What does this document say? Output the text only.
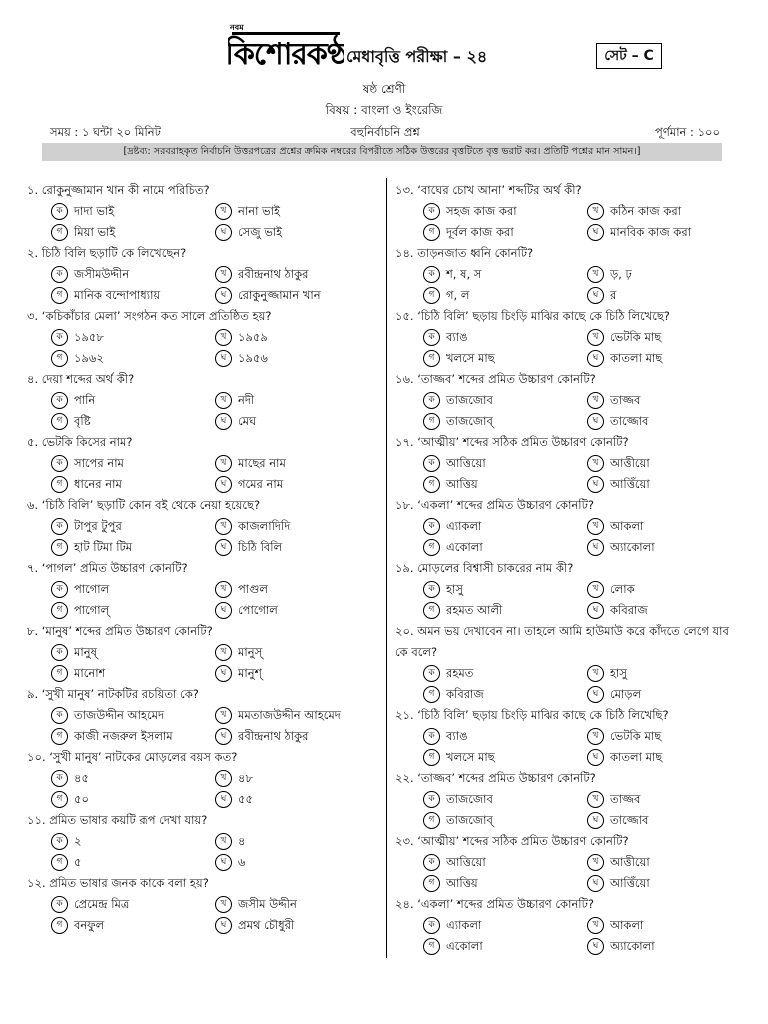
নবম
কিশোরকণ্ঠ মেধাবৃত্তি পরীক্ষা – ২৪	সেট – C
ষষ্ঠ শ্রেণী
বিষয় : বাংলা ও ইংরেজি
সময় : ১ ঘন্টা ২০ মিনিট	বহুনির্বাচনি প্রশ্ন	পূর্ণমান : ১০০
[দ্রষ্টব্য: সরবরাহকৃত নির্বাচনি উত্তরপত্রের প্রশ্নের ক্রমিক নম্বরের বিপরীতে সঠিক উত্তরের বৃত্তটিতে বৃত্ত ভরাট কর। প্রতিটি পশ্নের মান সামন।]
১. রোকুনুজ্জামান খান কী নামে পরিচিত?
ক দাদা ভাই	খ	নানা ভাই
গ	মিয়া ভাই	ঘ	সেজু ভাই
২. চিঠি বিলি ছড়াটি কে লিখেছেন?
ক জসীমউদ্দীন	খ	রবীন্দ্রনাথ ঠাকুর
গ	মানিক বন্দোপাধ্যায়	ঘ	রোকুনুজ্জামান খান
৩. ‘কচিকাঁচার মেলা’ সংগঠন কত সালে প্রতিষ্ঠিত হয়?
ক ১৯৫৮	খ	১৯৫৯
গ	১৯৬২	ঘ	১৯৫৬
৪. দেয়া শব্দের অর্থ কী?
ক পানি	খ	নদী
গ	বৃষ্টি	ঘ	মেঘ
৫. ভেটকি কিসের নাম?
ক সাপের নাম	খ	মাছের নাম
গ	ধানের নাম	ঘ	গমের নাম
৬. ‘চিঠি বিলি’ ছড়াটি কোন বই থেকে নেয়া হয়েছে?
ক টাপুর টুপুর	খ	কাজলাদিদি
গ	হাট টিমা টিম	ঘ	চিঠি বিলি
৭. ‘পাগল’ প্রমিত উচ্চারণ কোনটি?
ক পাগোল	খ	পাগুল
গ	পাগোল্	ঘ	পোগোল
৮. ‘মানুষ’ শব্দের প্রমিত উচ্চারণ কোনটি?
ক মানুষ্	খ	মানুস্
গ	মানোশ	ঘ	মানুশ্
৯. ‘সুখী মানুষ’ নাটকটির রচয়িতা কে?
ক তাজউদ্দীন আহমেদ	খ	মমতাজউদ্দীন আহমেদ
গ	কাজী নজরুল ইসলাম	ঘ	রবীন্দ্রনাথ ঠাকুর
১০. ‘সুখী মানুষ’ নাটকের মোড়লের বয়স কত?
ক ৪৫	খ	৪৮
গ	৫০	ঘ	৫৫
১১. প্রমিত ভাষার কয়টি রূপ দেখা যায়?
ক ২	খ	৪
গ	৫	ঘ	৬
১২. প্রমিত ভাষার জনক কাকে বলা হয়?
ক প্রেমেন্দ্র মিত্র	খ	জসীম উদ্দীন
গ	বনফুল	ঘ	প্রমথ চৌধুরী
১৩. ‘বাঘের চোখ আনা’ শব্দটির অর্থ কী?
ক সহজ কাজ করা	খ	কঠিন কাজ করা
গ	দূর্বল কাজ করা	ঘ	মানবিক কাজ করা
১৪. তাড়নজাত ধ্বনি কোনটি?
ক শ, ষ, স	খ	ড়, ঢ়
গ	গ, ল	ঘ	র
১৫. ‘চিঠি বিলি’ ছড়ায় চিংড়ি মাঝির কাছে কে চিঠি লিখেছে?
ক ব্যাঙ	খ	ভেটকি মাছ
গ	খলসে মাছ	ঘ	কাতলা মাছ
১৬. ‘তাজ্জব’ শব্দের প্রমিত উচ্চারণ কোনটি?
ক তাজজোব	খ	তাজ্জব
গ	তাজজোব্	ঘ	তাজ্জোব
১৭. ‘আত্মীয়’ শব্দের সঠিক প্রমিত উচ্চারণ কোনটি?
ক আত্তিয়ো	খ	আত্তীয়ো
গ	আত্তিয়	ঘ	আত্তিঁয়ো
১৮. ‘একলা’ শব্দের প্রমিত উচ্চারণ কোনটি?
ক এ্যাকলা	খ	আকলা
গ	একোলা	ঘ	অ্যাকোলা
১৯. মোড়লের বিশ্বাসী চাকরের নাম কী?
ক হাসু	খ	লোক
গ	রহমত আলী	ঘ	কবিরাজ
২০. অমন ভয় দেখাবেন না। তাহলে আমি হাউমাউ করে কাঁদতে লেগে যাব কে বলে?
ক রহমত	খ	হাসু
গ	কবিরাজ	ঘ	মোড়ল
২১. ‘চিঠি বিলি’ ছড়ায় চিংড়ি মাঝির কাছে কে চিঠি লিখেছি?
ক ব্যাঙ	খ	ভেটকি মাছ
গ	খলসে মাছ	ঘ	কাতলা মাছ
২২. ‘তাজ্জব’ শব্দের প্রমিত উচ্চারণ কোনটি?
ক তাজজোব	খ	তাজ্জব
গ	তাজজোব্	ঘ	তাজ্জোব
২৩. ‘আত্মীয়’ শব্দের সঠিক প্রমিত উচ্চারণ কোনটি?
ক আত্তিয়ো	খ	আত্তীয়ো
গ	আত্তিয়	ঘ	আত্তিঁয়ো
২৪. ‘একলা’ শব্দের প্রমিত উচ্চারণ কোনটি?
ক এ্যাকলা	খ	আকলা
গ	একোলা	ঘ	অ্যাকোলা
